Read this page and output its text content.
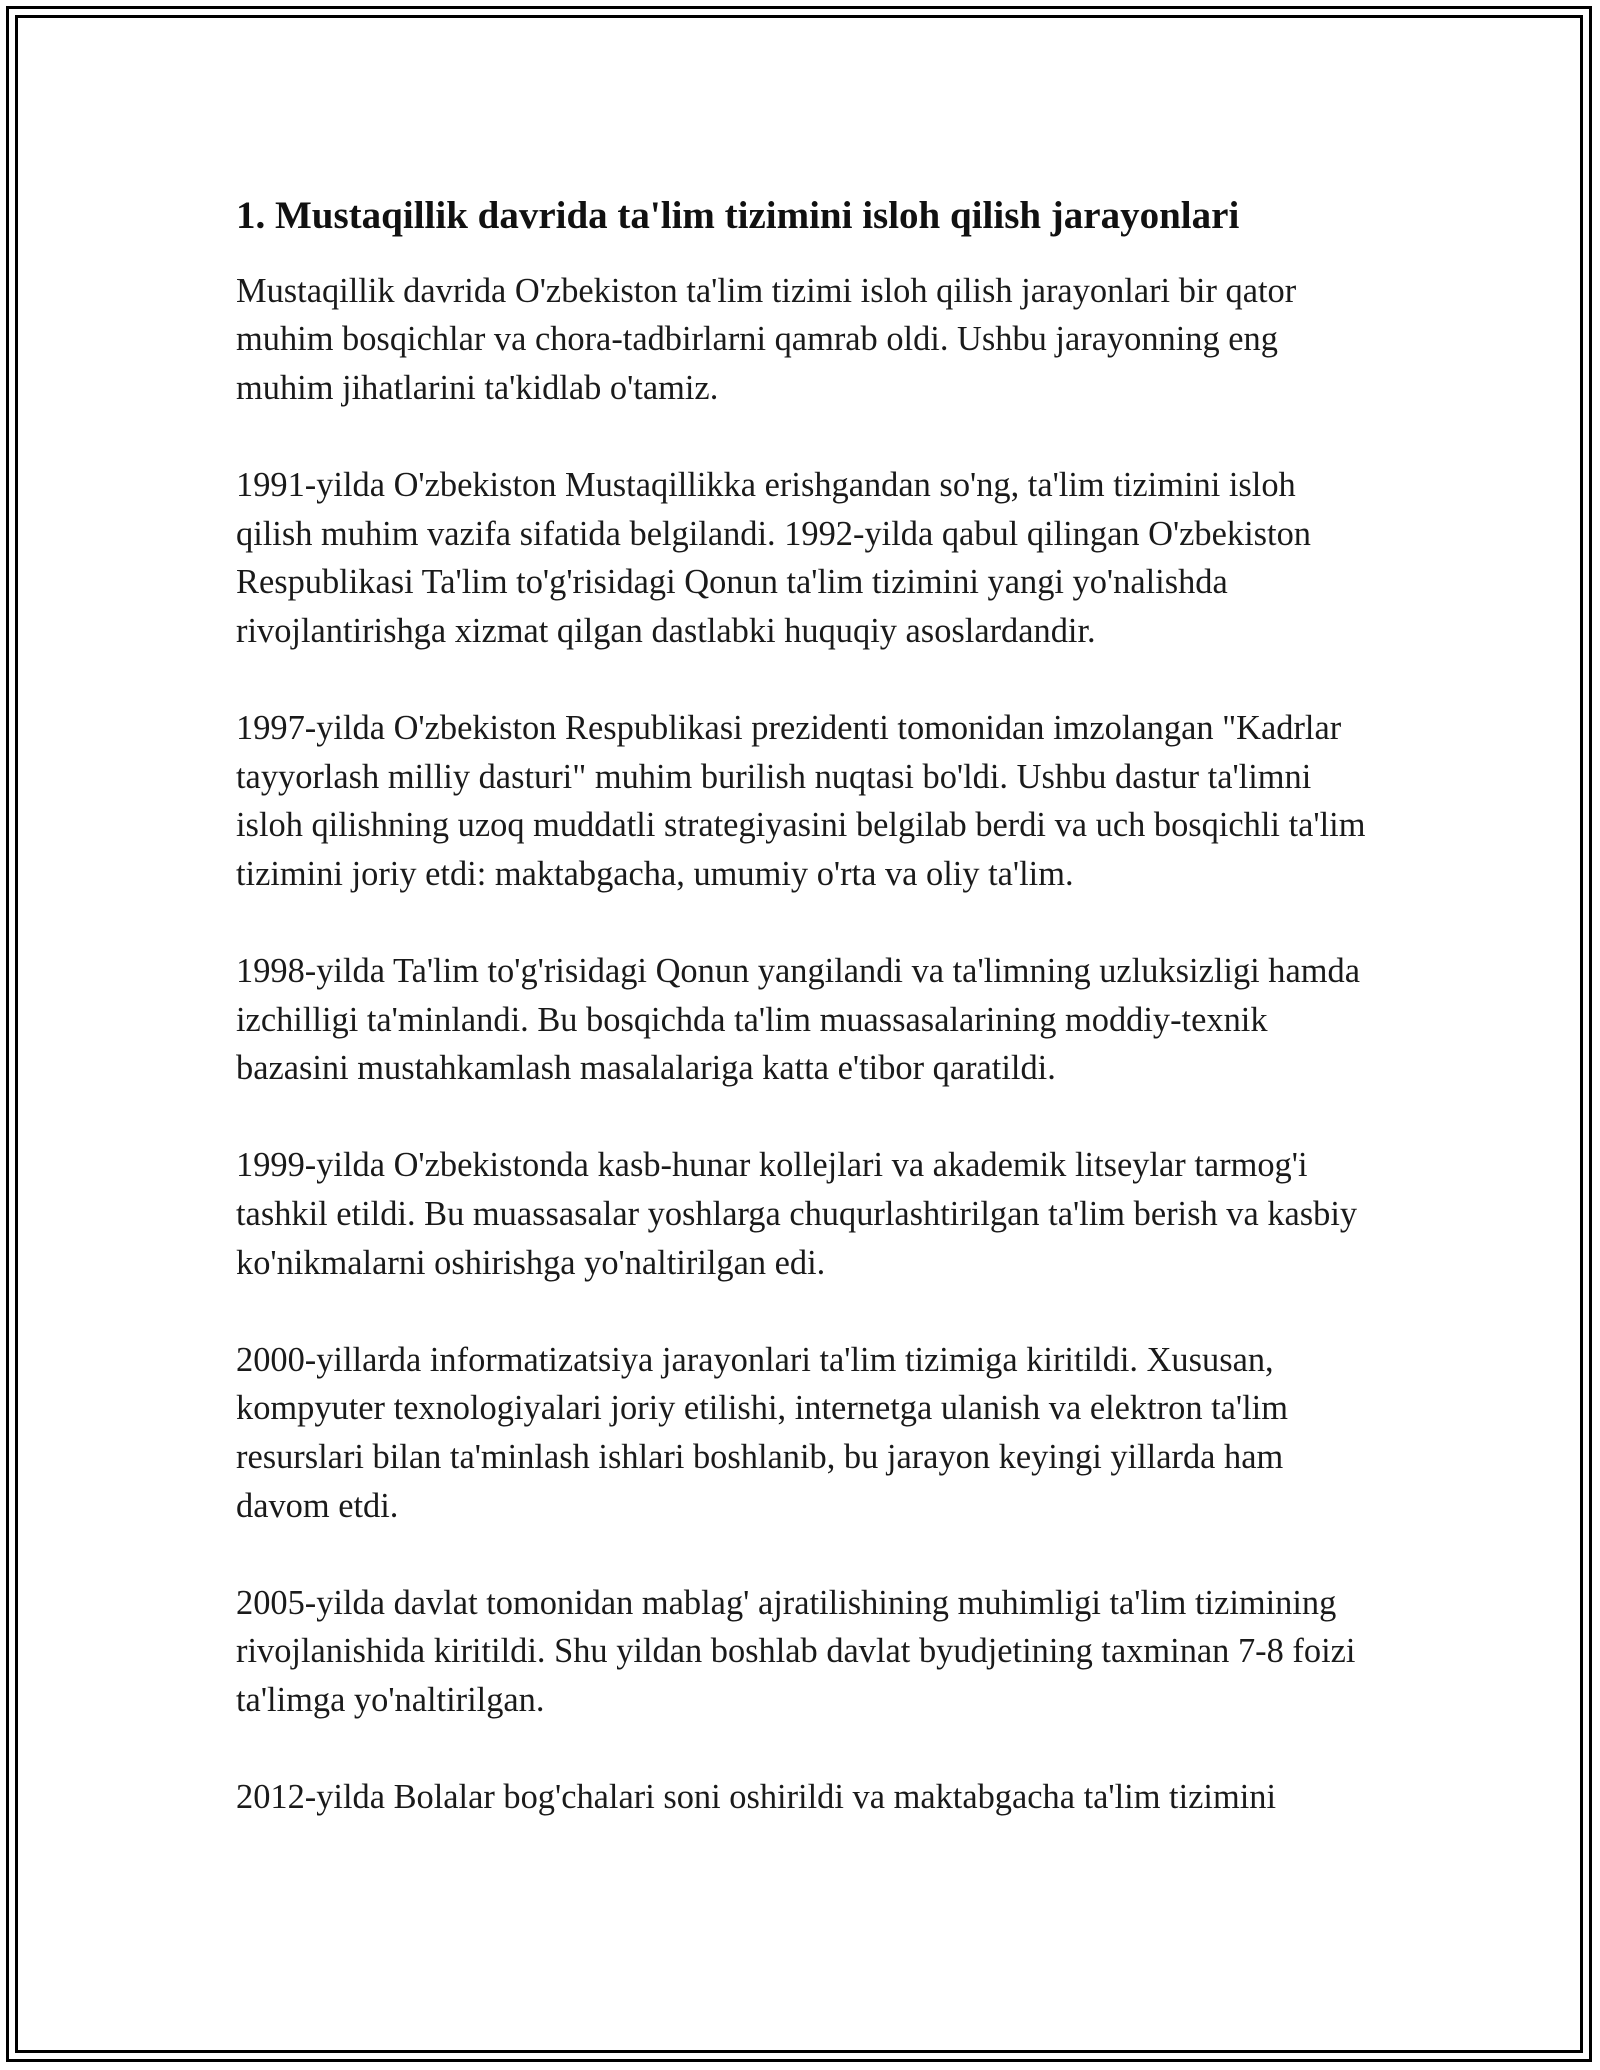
1. Mustaqillik davrida ta'lim tizimini isloh qilish jarayonlari

Mustaqillik davrida O'zbekiston ta'lim tizimi isloh qilish jarayonlari bir qator muhim bosqichlar va chora-tadbirlarni qamrab oldi. Ushbu jarayonning eng muhim jihatlarini ta'kidlab o'tamiz.

1991-yilda O'zbekiston Mustaqillikka erishgandan so'ng, ta'lim tizimini isloh qilish muhim vazifa sifatida belgilandi. 1992-yilda qabul qilingan O'zbekiston Respublikasi Ta'lim to'g'risidagi Qonun ta'lim tizimini yangi yo'nalishda rivojlantirishga xizmat qilgan dastlabki huquqiy asoslardandir.

1997-yilda O'zbekiston Respublikasi prezidenti tomonidan imzolangan "Kadrlar tayyorlash milliy dasturi" muhim burilish nuqtasi bo'ldi. Ushbu dastur ta'limni isloh qilishning uzoq muddatli strategiyasini belgilab berdi va uch bosqichli ta'lim tizimini joriy etdi: maktabgacha, umumiy o'rta va oliy ta'lim.

1998-yilda Ta'lim to'g'risidagi Qonun yangilandi va ta'limning uzluksizligi hamda izchilligi ta'minlandi. Bu bosqichda ta'lim muassasalarining moddiy-texnik bazasini mustahkamlash masalalariga katta e'tibor qaratildi.

1999-yilda O'zbekistonda kasb-hunar kollejlari va akademik litseylar tarmog'i tashkil etildi. Bu muassasalar yoshlarga chuqurlashtirilgan ta'lim berish va kasbiy ko'nikmalarni oshirishga yo'naltirilgan edi.

2000-yillarda informatizatsiya jarayonlari ta'lim tizimiga kiritildi. Xususan, kompyuter texnologiyalari joriy etilishi, internetga ulanish va elektron ta'lim resurslari bilan ta'minlash ishlari boshlanib, bu jarayon keyingi yillarda ham davom etdi.

2005-yilda davlat tomonidan mablag' ajratilishining muhimligi ta'lim tizimining rivojlanishida kiritildi. Shu yildan boshlab davlat byudjetining taxminan 7-8 foizi ta'limga yo'naltirilgan.

2012-yilda Bolalar bog'chalari soni oshirildi va maktabgacha ta'lim tizimini
